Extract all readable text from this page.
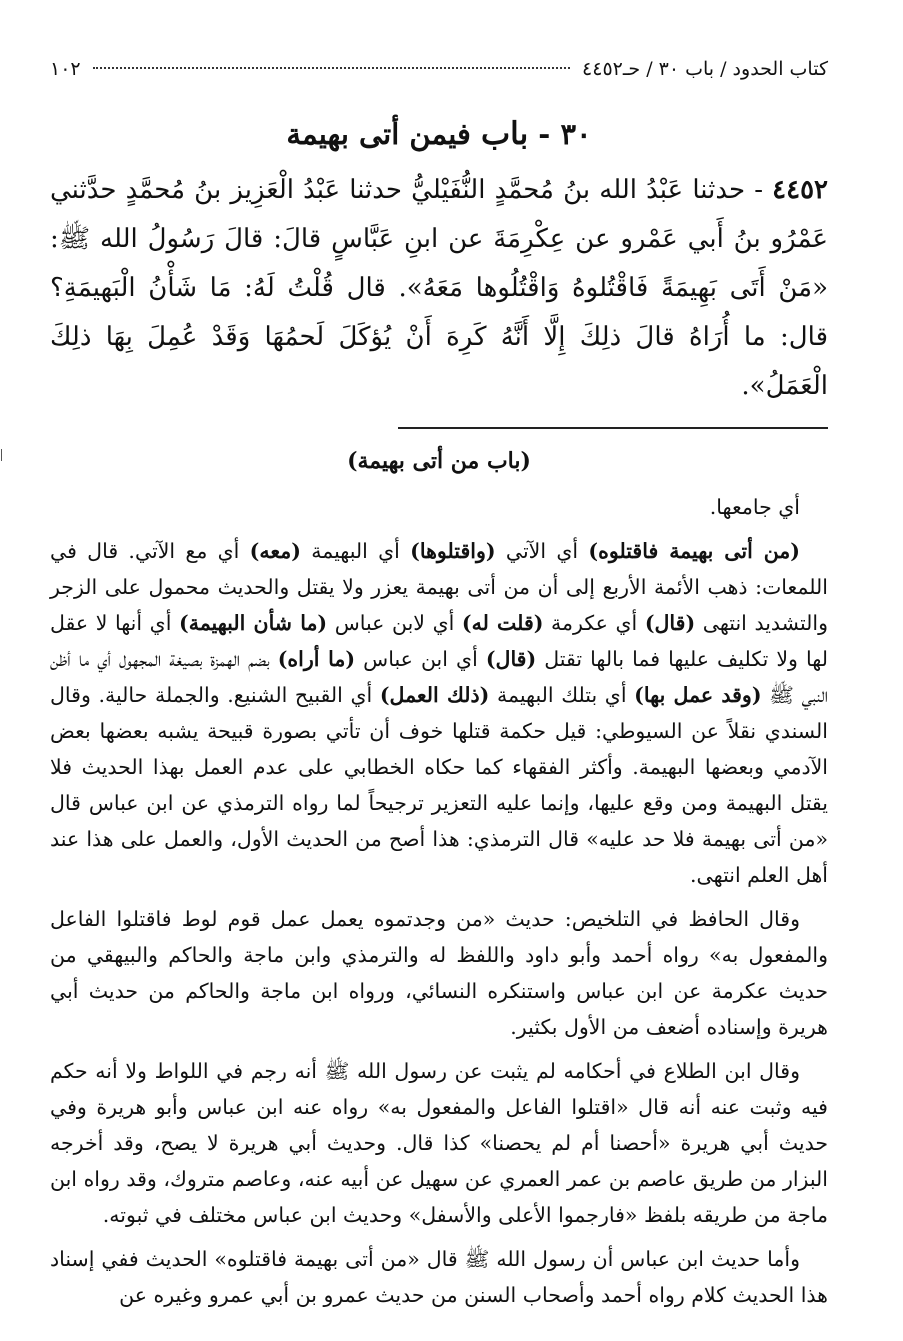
كتاب الحدود / باب ٣٠ / حـ٤٤٥٢
١٠٢
٣٠ - باب فيمن أتى بهيمة
٤٤٥٢ - حدثنا عَبْدُ الله بنُ مُحمَّدٍ النُّفَيْليُّ حدثنا عَبْدُ الْعَزِيز بنُ مُحمَّدٍ حدَّثني عَمْرُو بنُ أَبي عَمْرو عن عِكْرِمَةَ عن ابنِ عَبَّاسٍ قالَ: قالَ رَسُولُ الله ﷺ: «مَنْ أَتَى بَهِيمَةً فَاقْتُلوهُ وَاقْتُلُوها مَعَهُ». قال قُلْتُ لَهُ: مَا شَأْنُ الْبَهيمَةِ؟ قال: ما أُرَاهُ قالَ ذلِكَ إِلَّا أَنَّهُ كَرِهَ أَنْ يُؤكَلَ لَحمُهَا وَقَدْ عُمِلَ بِهَا ذلِكَ الْعَمَلُ».
(باب من أتى بهيمة)

أي جامعها.

(من أتى بهيمة فاقتلوه) أي الآتي (واقتلوها) أي البهيمة (معه) أي مع الآتي. قال في اللمعات: ذهب الأئمة الأربع إلى أن من أتى بهيمة يعزر ولا يقتل والحديث محمول على الزجر والتشديد انتهى (قال) أي عكرمة (قلت له) أي لابن عباس (ما شأن البهيمة) أي أنها لا عقل لها ولا تكليف عليها فما بالها تقتل (قال) أي ابن عباس (ما أراه) بضم الهمزة بصيغة المجهول أي ما أظن النبي ﷺ (وقد عمل بها) أي بتلك البهيمة (ذلك العمل) أي القبيح الشنيع. والجملة حالية. وقال السندي نقلاً عن السيوطي: قيل حكمة قتلها خوف أن تأتي بصورة قبيحة يشبه بعضها بعض الآدمي وبعضها البهيمة. وأكثر الفقهاء كما حكاه الخطابي على عدم العمل بهذا الحديث فلا يقتل البهيمة ومن وقع عليها، وإنما عليه التعزير ترجيحاً لما رواه الترمذي عن ابن عباس قال «من أتى بهيمة فلا حد عليه» قال الترمذي: هذا أصح من الحديث الأول، والعمل على هذا عند أهل العلم انتهى.

وقال الحافظ في التلخيص: حديث «من وجدتموه يعمل عمل قوم لوط فاقتلوا الفاعل والمفعول به» رواه أحمد وأبو داود واللفظ له والترمذي وابن ماجة والحاكم والبيهقي من حديث عكرمة عن ابن عباس واستنكره النسائي، ورواه ابن ماجة والحاكم من حديث أبي هريرة وإسناده أضعف من الأول بكثير.

وقال ابن الطلاع في أحكامه لم يثبت عن رسول الله ﷺ أنه رجم في اللواط ولا أنه حكم فيه وثبت عنه أنه قال «اقتلوا الفاعل والمفعول به» رواه عنه ابن عباس وأبو هريرة وفي حديث أبي هريرة «أحصنا أم لم يحصنا» كذا قال. وحديث أبي هريرة لا يصح، وقد أخرجه البزار من طريق عاصم بن عمر العمري عن سهيل عن أبيه عنه، وعاصم متروك، وقد رواه ابن ماجة من طريقه بلفظ «فارجموا الأعلى والأسفل» وحديث ابن عباس مختلف في ثبوته.

وأما حديث ابن عباس أن رسول الله ﷺ قال «من أتى بهيمة فاقتلوه» الحديث ففي إسناد هذا الحديث كلام رواه أحمد وأصحاب السنن من حديث عمرو بن أبي عمرو وغيره عن
